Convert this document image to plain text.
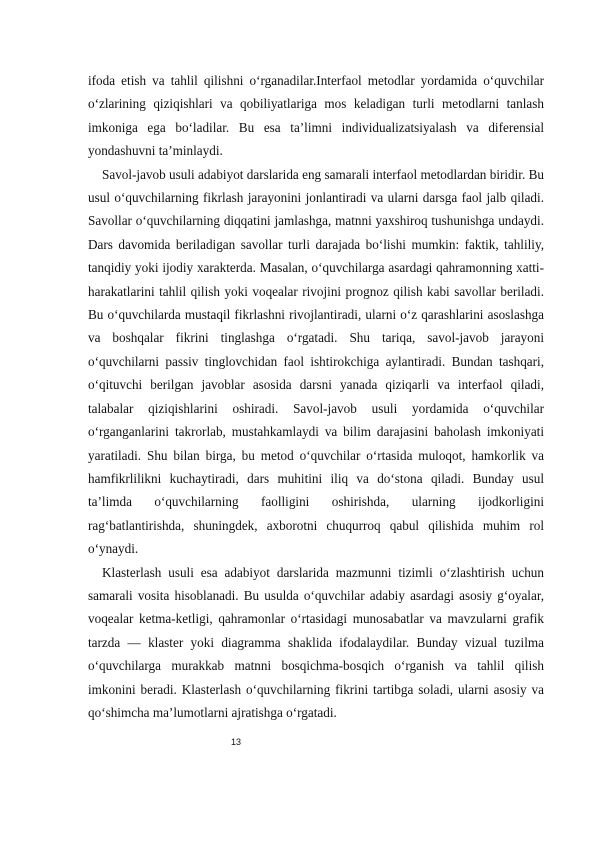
ifoda etish va tahlil qilishni o‘rganadilar.Interfaol metodlar yordamida o‘quvchilar o‘zlarining qiziqishlari va qobiliyatlariga mos keladigan turli metodlarni tanlash imkoniga ega bo‘ladilar. Bu esa ta’limni individualizatsiyalash va diferensial yondashuvni ta’minlaydi.

Savol-javob usuli adabiyot darslarida eng samarali interfaol metodlardan biridir. Bu usul o‘quvchilarning fikrlash jarayonini jonlantiradi va ularni darsga faol jalb qiladi. Savollar o‘quvchilarning diqqatini jamlashga, matnni yaxshiroq tushunishga undaydi. Dars davomida beriladigan savollar turli darajada bo‘lishi mumkin: faktik, tahliliy, tanqidiy yoki ijodiy xarakterda. Masalan, o‘quvchilarga asardagi qahramonning xatti-harakatlarini tahlil qilish yoki voqealar rivojini prognoz qilish kabi savollar beriladi. Bu o‘quvchilarda mustaqil fikrlashni rivojlantiradi, ularni o‘z qarashlarini asoslashga va boshqalar fikrini tinglashga o‘rgatadi. Shu tariqa, savol-javob jarayoni o‘quvchilarni passiv tinglovchidan faol ishtirokchiga aylantiradi. Bundan tashqari, o‘qituvchi berilgan javoblar asosida darsni yanada qiziqarli va interfaol qiladi, talabalar qiziqishlarini oshiradi. Savol-javob usuli yordamida o‘quvchilar o‘rganganlarini takrorlab, mustahkamlaydi va bilim darajasini baholash imkoniyati yaratiladi. Shu bilan birga, bu metod o‘quvchilar o‘rtasida muloqot, hamkorlik va hamfikrlilikni kuchaytiradi, dars muhitini iliq va do‘stona qiladi. Bunday usul ta’limda o‘quvchilarning faolligini oshirishda, ularning ijodkorligini rag‘batlantirishda, shuningdek, axborotni chuqurroq qabul qilishida muhim rol o‘ynaydi.

Klasterlash usuli esa adabiyot darslarida mazmunni tizimli o‘zlashtirish uchun samarali vosita hisoblanadi. Bu usulda o‘quvchilar adabiy asardagi asosiy g‘oyalar, voqealar ketma-ketligi, qahramonlar o‘rtasidagi munosabatlar va mavzularni grafik tarzda — klaster yoki diagramma shaklida ifodalaydilar. Bunday vizual tuzilma o‘quvchilarga murakkab matnni bosqichma-bosqich o‘rganish va tahlil qilish imkonini beradi. Klasterlash o‘quvchilarning fikrini tartibga soladi, ularni asosiy va qo‘shimcha ma’lumotlarni ajratishga o‘rgatadi.

13
